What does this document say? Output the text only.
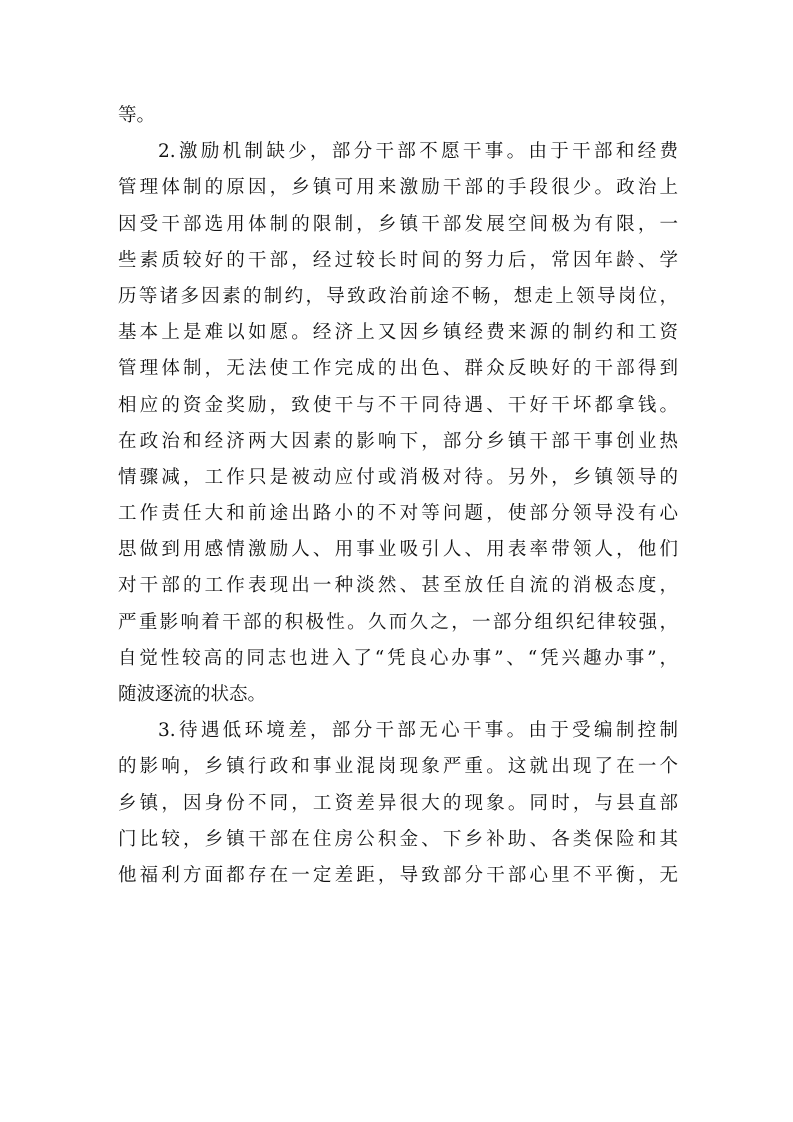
等。
2.激励机制缺少，部分干部不愿干事。由于干部和经费
管理体制的原因，乡镇可用来激励干部的手段很少。政治上
因受干部选用体制的限制，乡镇干部发展空间极为有限，一
些素质较好的干部，经过较长时间的努力后，常因年龄、学
历等诸多因素的制约，导致政治前途不畅，想走上领导岗位，
基本上是难以如愿。经济上又因乡镇经费来源的制约和工资
管理体制，无法使工作完成的出色、群众反映好的干部得到
相应的资金奖励，致使干与不干同待遇、干好干坏都拿钱。
在政治和经济两大因素的影响下，部分乡镇干部干事创业热
情骤减，工作只是被动应付或消极对待。另外，乡镇领导的
工作责任大和前途出路小的不对等问题，使部分领导没有心
思做到用感情激励人、用事业吸引人、用表率带领人，他们
对干部的工作表现出一种淡然、甚至放任自流的消极态度，
严重影响着干部的积极性。久而久之，一部分组织纪律较强，
自觉性较高的同志也进入了“凭良心办事”、“凭兴趣办事”，
随波逐流的状态。
3.待遇低环境差，部分干部无心干事。由于受编制控制
的影响，乡镇行政和事业混岗现象严重。这就出现了在一个
乡镇，因身份不同，工资差异很大的现象。同时，与县直部
门比较，乡镇干部在住房公积金、下乡补助、各类保险和其
他福利方面都存在一定差距，导致部分干部心里不平衡，无
